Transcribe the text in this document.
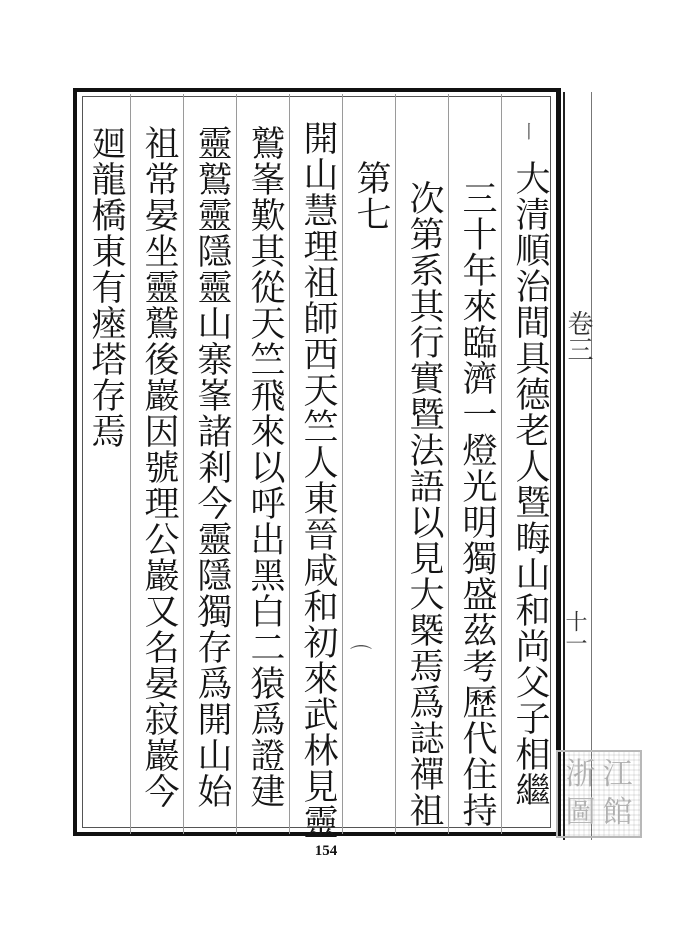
大清順治間具德老人暨晦山和尚父子相繼
三十年來臨濟一燈光明獨盛茲考歷代住持
次第系其行實暨法語以見大槩焉爲誌禪祖
第七
開山慧理祖師西天竺人東晉咸和初來武林見靈
鷲峯歎其從天竺飛來以呼出黑白二猿爲證建
靈鷲靈隱靈山寨峯諸剎今靈隱獨存爲開山始
祖常晏坐靈鷲後巖因號理公巖又名晏寂巖今
廻龍橋東有瘞塔存焉	卷三
十一
丨
⌒
154
浙 江
圖 館
